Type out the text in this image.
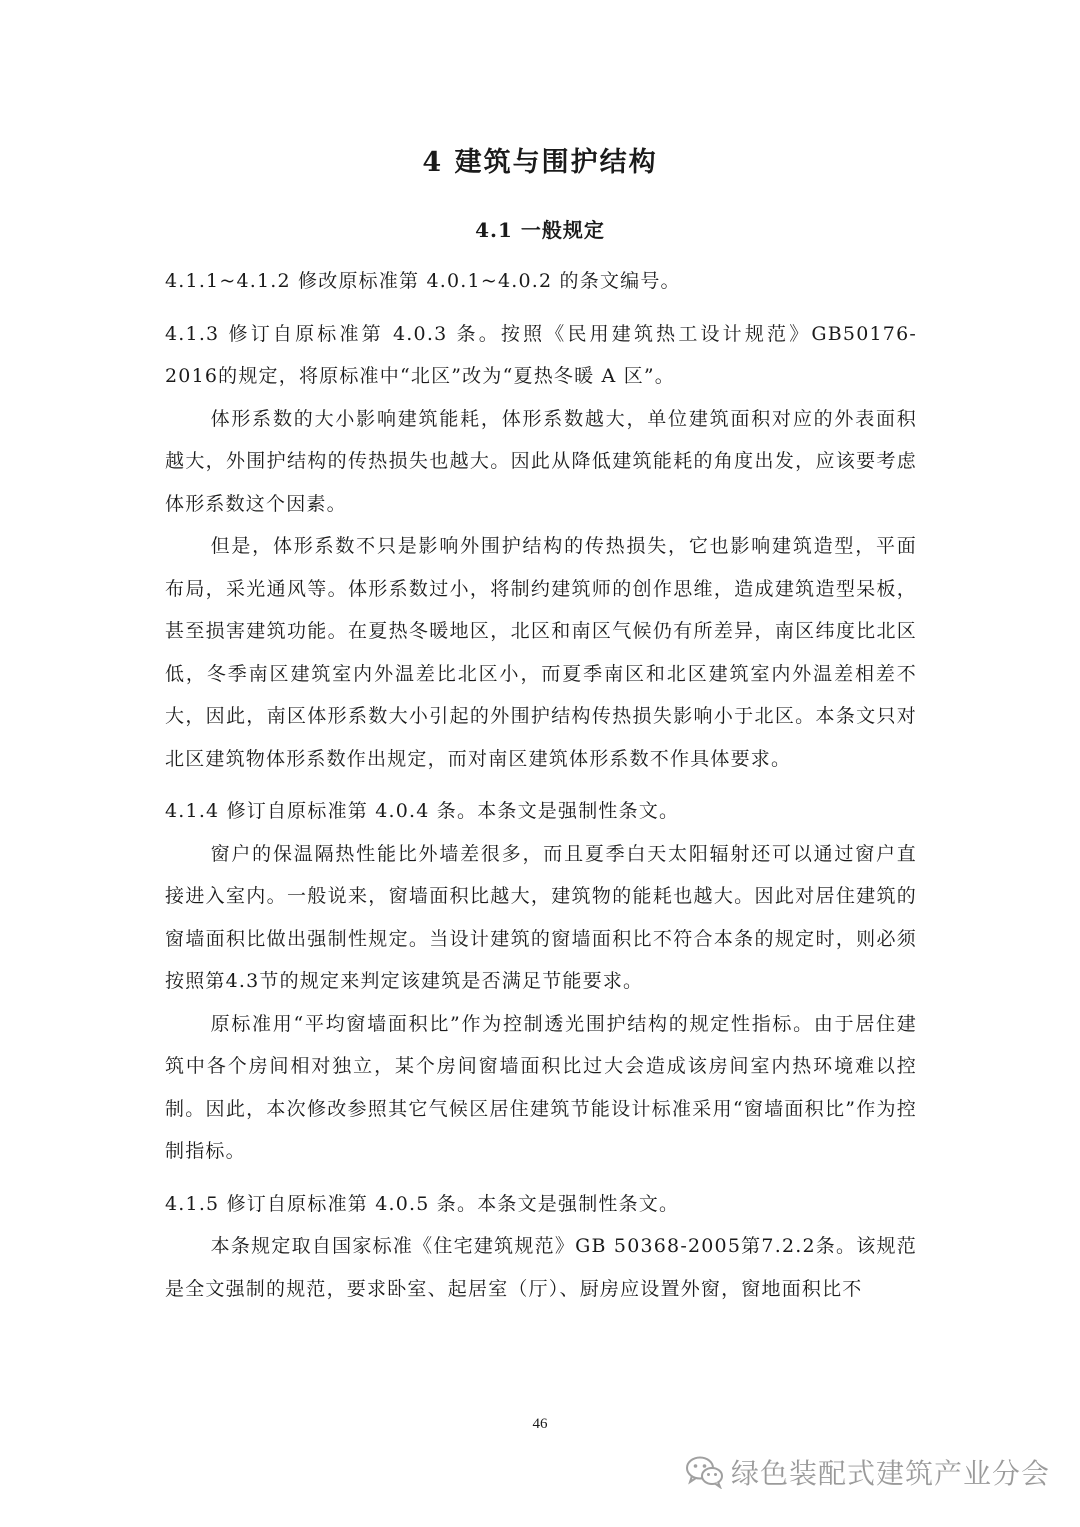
4 建筑与围护结构
4.1 一般规定

4.1.1~4.1.2 修改原标准第 4.0.1~4.0.2 的条文编号。

4.1.3 修订自原标准第 4.0.3 条。按照《民用建筑热工设计规范》GB50176-2016的规定，将原标准中“北区”改为“夏热冬暖 A 区”。

体形系数的大小影响建筑能耗，体形系数越大，单位建筑面积对应的外表面积越大，外围护结构的传热损失也越大。因此从降低建筑能耗的角度出发，应该要考虑体形系数这个因素。

但是，体形系数不只是影响外围护结构的传热损失，它也影响建筑造型，平面布局，采光通风等。体形系数过小，将制约建筑师的创作思维，造成建筑造型呆板，甚至损害建筑功能。在夏热冬暖地区，北区和南区气候仍有所差异，南区纬度比北区低，冬季南区建筑室内外温差比北区小，而夏季南区和北区建筑室内外温差相差不大，因此，南区体形系数大小引起的外围护结构传热损失影响小于北区。本条文只对北区建筑物体形系数作出规定，而对南区建筑体形系数不作具体要求。

4.1.4 修订自原标准第 4.0.4 条。本条文是强制性条文。

窗户的保温隔热性能比外墙差很多，而且夏季白天太阳辐射还可以通过窗户直接进入室内。一般说来，窗墙面积比越大，建筑物的能耗也越大。因此对居住建筑的窗墙面积比做出强制性规定。当设计建筑的窗墙面积比不符合本条的规定时，则必须按照第4.3节的规定来判定该建筑是否满足节能要求。

原标准用“平均窗墙面积比”作为控制透光围护结构的规定性指标。由于居住建筑中各个房间相对独立，某个房间窗墙面积比过大会造成该房间室内热环境难以控制。因此，本次修改参照其它气候区居住建筑节能设计标准采用“窗墙面积比”作为控制指标。

4.1.5 修订自原标准第 4.0.5 条。本条文是强制性条文。

本条规定取自国家标准《住宅建筑规范》GB 50368-2005第7.2.2条。该规范是全文强制的规范，要求卧室、起居室（厅）、厨房应设置外窗，窗地面积比不

46
绿色装配式建筑产业分会
